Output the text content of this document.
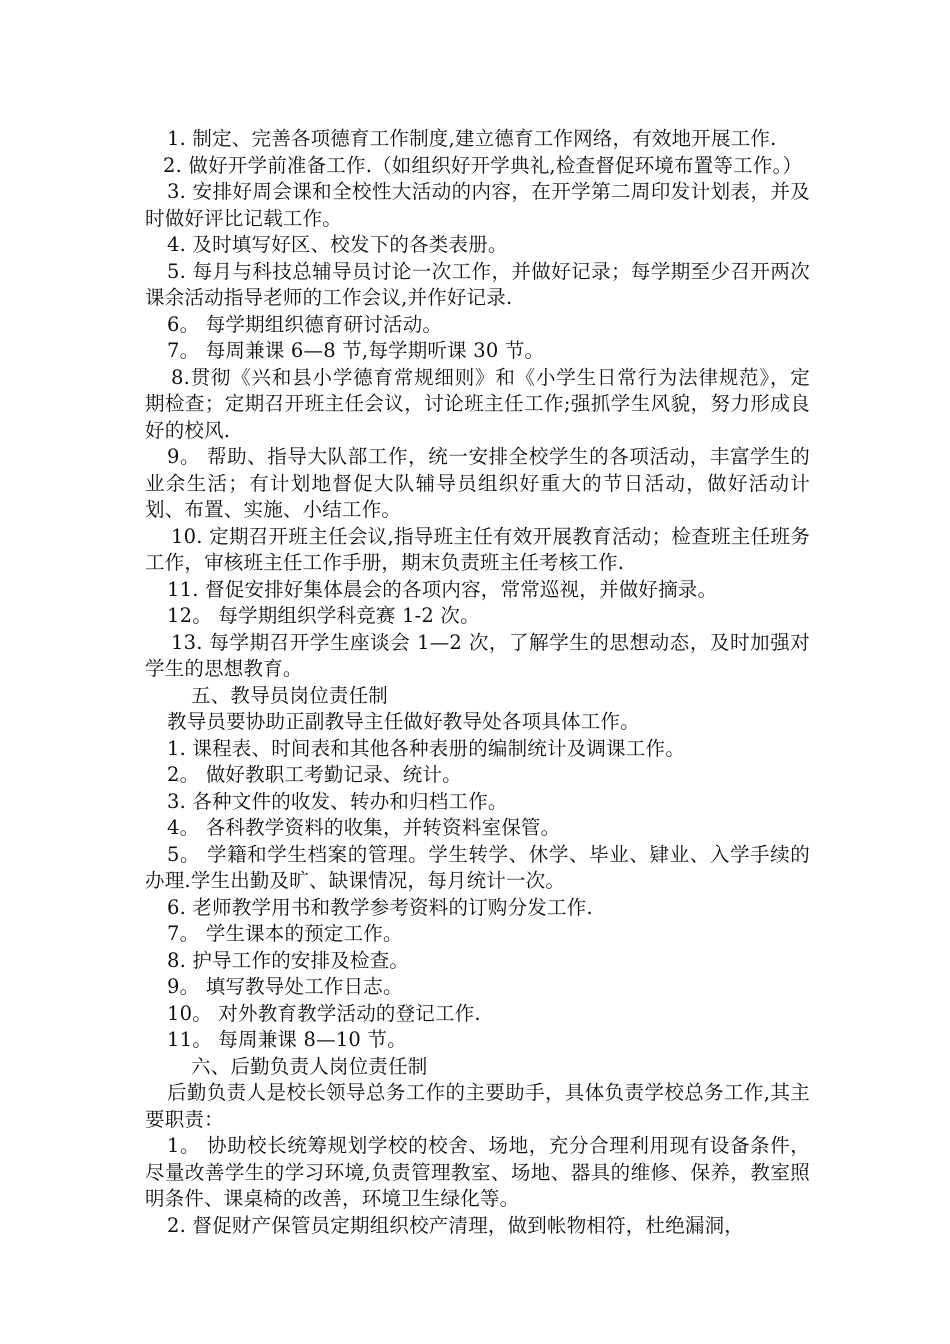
1. 制定、完善各项德育工作制度,建立德育工作网络，有效地开展工作.

2. 做好开学前准备工作.（如组织好开学典礼,检查督促环境布置等工作。）

3. 安排好周会课和全校性大活动的内容，在开学第二周印发计划表，并及时做好评比记载工作。

4. 及时填写好区、校发下的各类表册。

5. 每月与科技总辅导员讨论一次工作，并做好记录；每学期至少召开两次课余活动指导老师的工作会议,并作好记录.

6。 每学期组织德育研讨活动。

7。 每周兼课 6—8 节,每学期听课 30 节。

8.贯彻《兴和县小学德育常规细则》和《小学生日常行为法律规范》，定期检查；定期召开班主任会议，讨论班主任工作;强抓学生风貌，努力形成良好的校风.

9。 帮助、指导大队部工作，统一安排全校学生的各项活动，丰富学生的业余生活；有计划地督促大队辅导员组织好重大的节日活动，做好活动计划、布置、实施、小结工作。

10. 定期召开班主任会议,指导班主任有效开展教育活动；检查班主任班务工作，审核班主任工作手册，期末负责班主任考核工作.

11. 督促安排好集体晨会的各项内容，常常巡视，并做好摘录。

12。 每学期组织学科竞赛 1-2 次。

13. 每学期召开学生座谈会 1—2 次，了解学生的思想动态，及时加强对学生的思想教育。

五、教导员岗位责任制

教导员要协助正副教导主任做好教导处各项具体工作。

1. 课程表、时间表和其他各种表册的编制统计及调课工作。

2。 做好教职工考勤记录、统计。

3. 各种文件的收发、转办和归档工作。

4。 各科教学资料的收集，并转资料室保管。

5。 学籍和学生档案的管理。学生转学、休学、毕业、肄业、入学手续的办理.学生出勤及旷、缺课情况，每月统计一次。

6. 老师教学用书和教学参考资料的订购分发工作.

7。 学生课本的预定工作。

8. 护导工作的安排及检查。

9。 填写教导处工作日志。

10。 对外教育教学活动的登记工作.

11。 每周兼课 8—10 节。

六、后勤负责人岗位责任制

后勤负责人是校长领导总务工作的主要助手，具体负责学校总务工作,其主要职责：

1。 协助校长统筹规划学校的校舍、场地，充分合理利用现有设备条件，尽量改善学生的学习环境,负责管理教室、场地、器具的维修、保养，教室照明条件、课桌椅的改善，环境卫生绿化等。

2. 督促财产保管员定期组织校产清理，做到帐物相符，杜绝漏洞，
